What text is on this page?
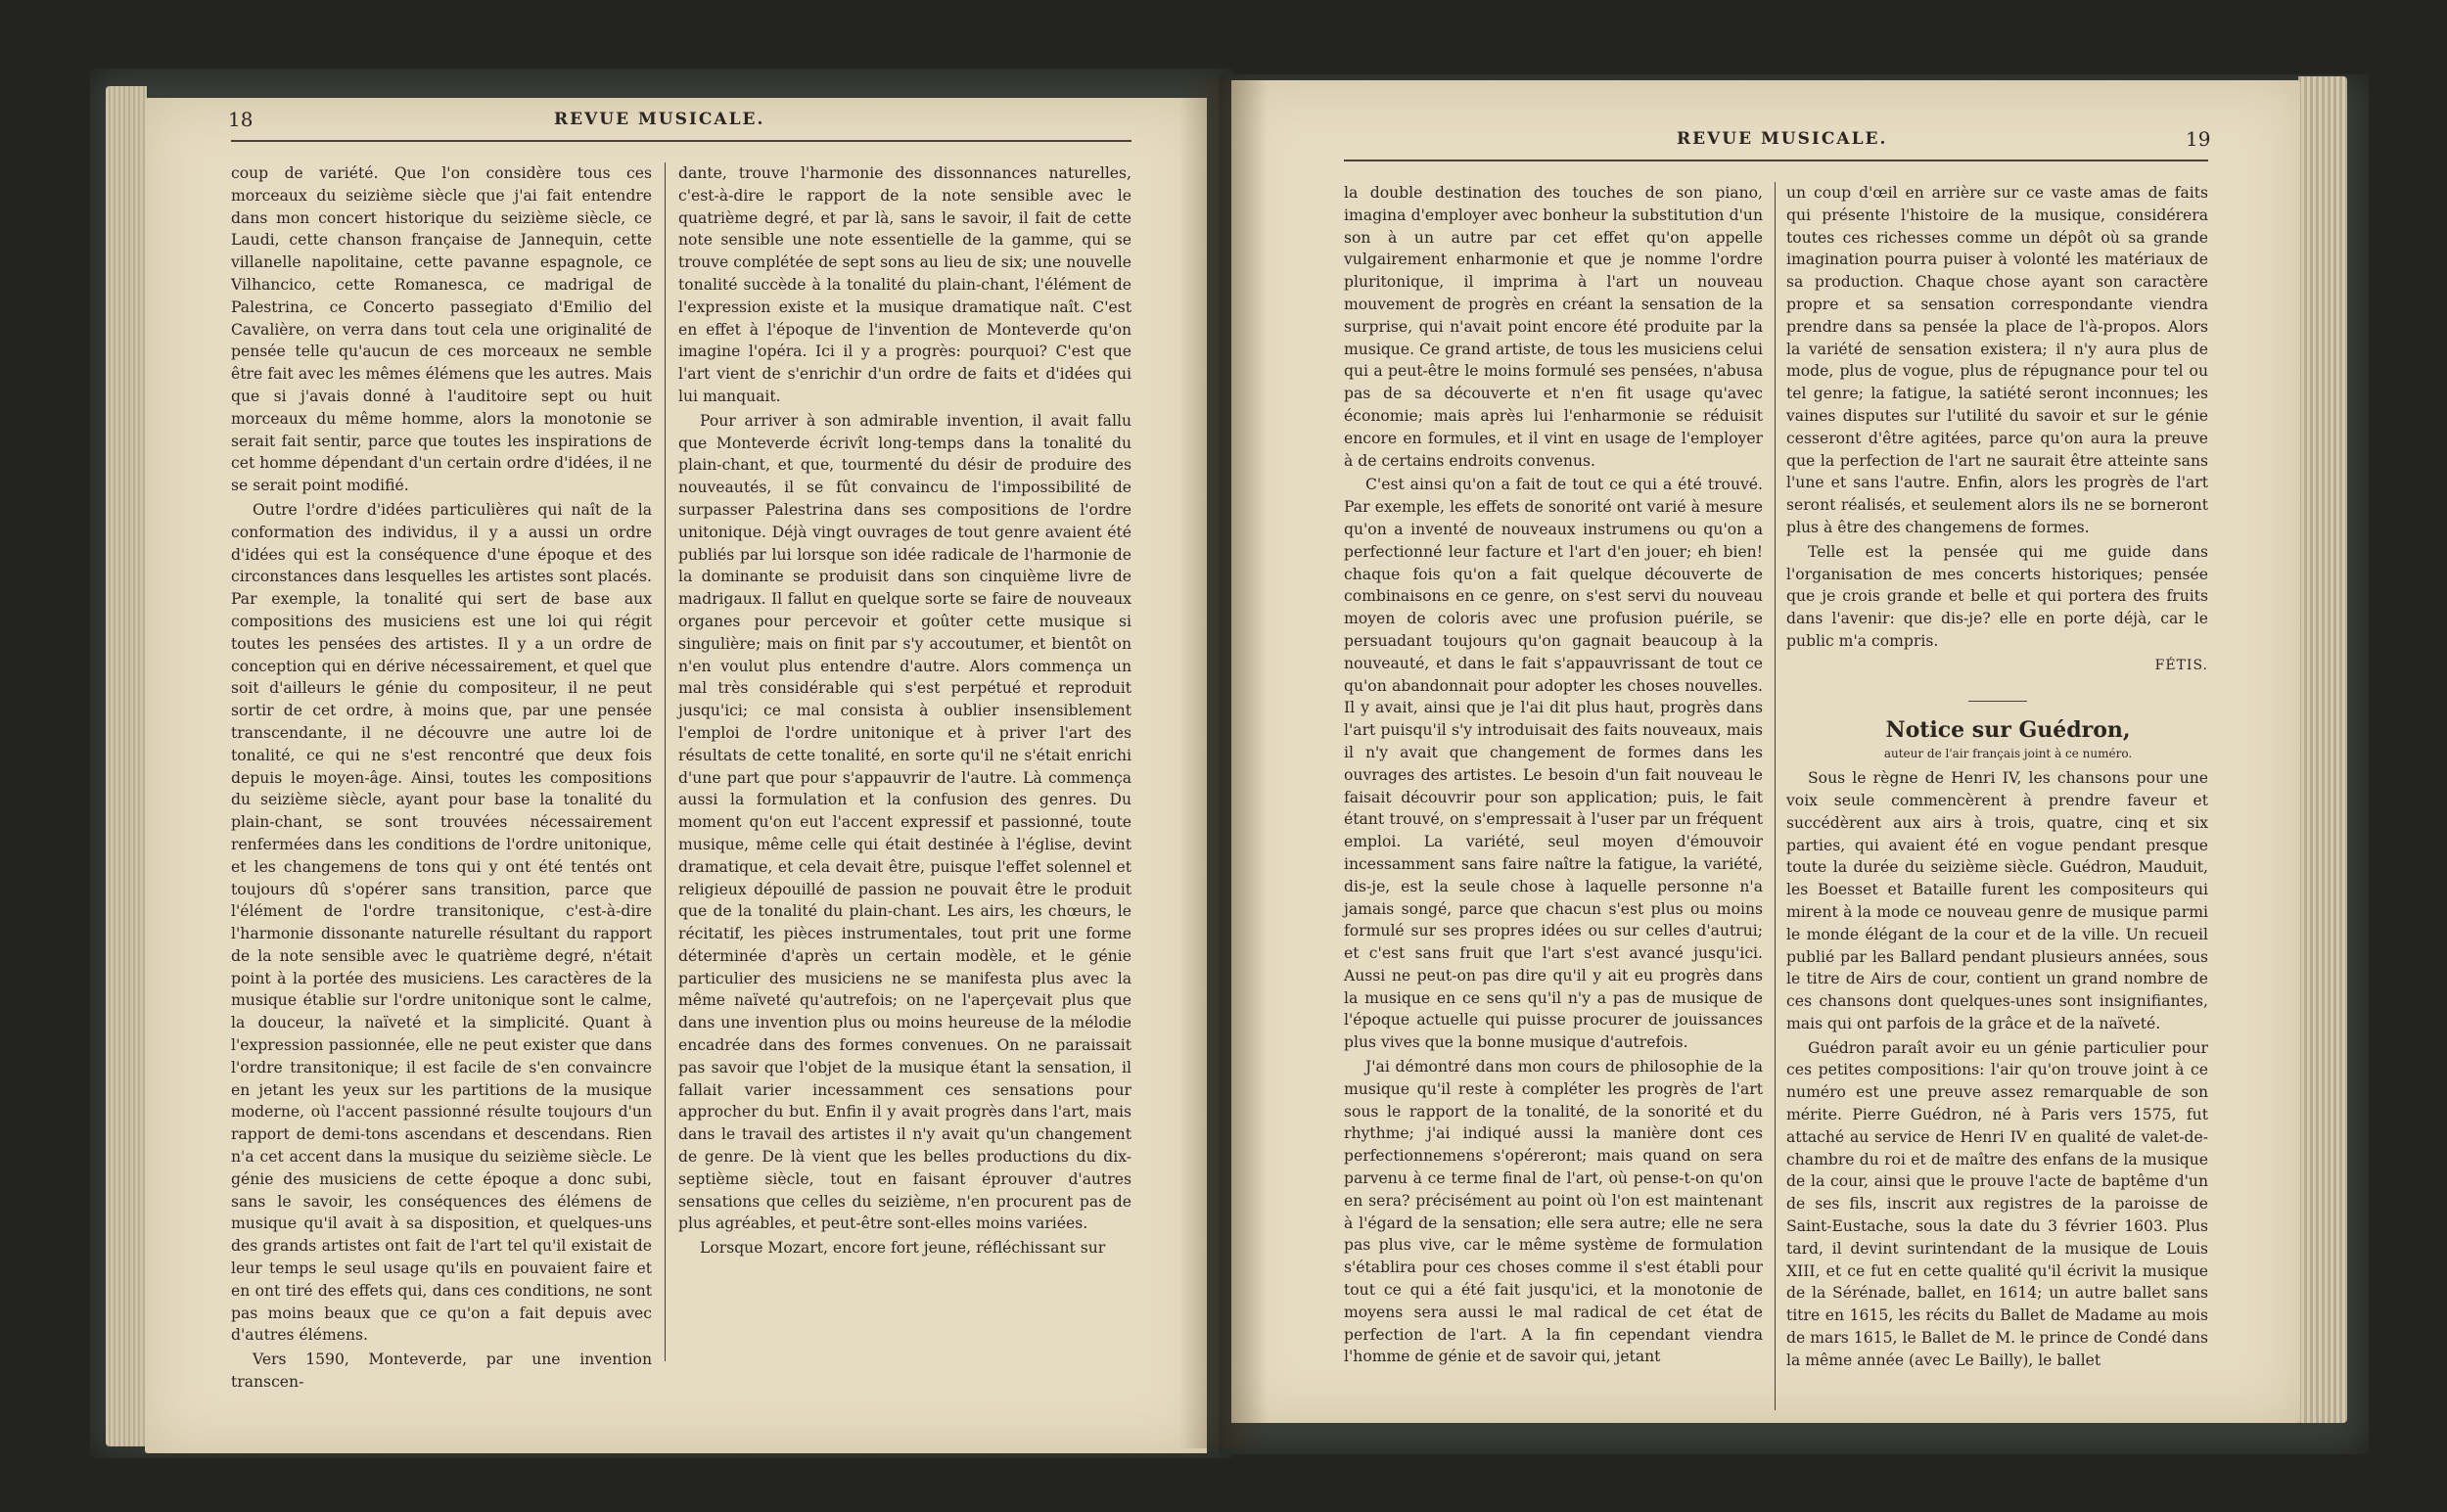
18	REVUE MUSICALE.

coup de variété. Que l'on considère tous ces morceaux du seizième siècle que j'ai fait entendre dans mon concert historique du seizième siècle, ce Laudi, cette chanson française de Jannequin, cette villanelle napolitaine, cette pavanne espagnole, ce Vilhancico, cette Romanesca, ce madrigal de Palestrina, ce Concerto passegiato d'Emilio del Cavalière, on verra dans tout cela une originalité de pensée telle qu'aucun de ces morceaux ne semble être fait avec les mêmes élémens que les autres. Mais que si j'avais donné à l'auditoire sept ou huit morceaux du même homme, alors la monotonie se serait fait sentir, parce que toutes les inspirations de cet homme dépendant d'un certain ordre d'idées, il ne se serait point modifié.

Outre l'ordre d'idées particulières qui naît de la conformation des individus, il y a aussi un ordre d'idées qui est la conséquence d'une époque et des circonstances dans lesquelles les artistes sont placés. Par exemple, la tonalité qui sert de base aux compositions des musiciens est une loi qui régit toutes les pensées des artistes. Il y a un ordre de conception qui en dérive nécessairement, et quel que soit d'ailleurs le génie du compositeur, il ne peut sortir de cet ordre, à moins que, par une pensée transcendante, il ne découvre une autre loi de tonalité, ce qui ne s'est rencontré que deux fois depuis le moyen-âge. Ainsi, toutes les compositions du seizième siècle, ayant pour base la tonalité du plain-chant, se sont trouvées nécessairement renfermées dans les conditions de l'ordre unitonique, et les changemens de tons qui y ont été tentés ont toujours dû s'opérer sans transition, parce que l'élément de l'ordre transitonique, c'est-à-dire l'harmonie dissonante naturelle résultant du rapport de la note sensible avec le quatrième degré, n'était point à la portée des musiciens. Les caractères de la musique établie sur l'ordre unitonique sont le calme, la douceur, la naïveté et la simplicité. Quant à l'expression passionnée, elle ne peut exister que dans l'ordre transitonique; il est facile de s'en convaincre en jetant les yeux sur les partitions de la musique moderne, où l'accent passionné résulte toujours d'un rapport de demi-tons ascendans et descendans. Rien n'a cet accent dans la musique du seizième siècle. Le génie des musiciens de cette époque a donc subi, sans le savoir, les conséquences des élémens de musique qu'il avait à sa disposition, et quelques-uns des grands artistes ont fait de l'art tel qu'il existait de leur temps le seul usage qu'ils en pouvaient faire et en ont tiré des effets qui, dans ces conditions, ne sont pas moins beaux que ce qu'on a fait depuis avec d'autres élémens.

Vers 1590, Monteverde, par une invention transcen-

dante, trouve l'harmonie des dissonnances naturelles, c'est-à-dire le rapport de la note sensible avec le quatrième degré, et par là, sans le savoir, il fait de cette note sensible une note essentielle de la gamme, qui se trouve complétée de sept sons au lieu de six; une nouvelle tonalité succède à la tonalité du plain-chant, l'élément de l'expression existe et la musique dramatique naît. C'est en effet à l'époque de l'invention de Monteverde qu'on imagine l'opéra. Ici il y a progrès: pourquoi? C'est que l'art vient de s'enrichir d'un ordre de faits et d'idées qui lui manquait.

Pour arriver à son admirable invention, il avait fallu que Monteverde écrivît long-temps dans la tonalité du plain-chant, et que, tourmenté du désir de produire des nouveautés, il se fût convaincu de l'impossibilité de surpasser Palestrina dans ses compositions de l'ordre unitonique. Déjà vingt ouvrages de tout genre avaient été publiés par lui lorsque son idée radicale de l'harmonie de la dominante se produisit dans son cinquième livre de madrigaux. Il fallut en quelque sorte se faire de nouveaux organes pour percevoir et goûter cette musique si singulière; mais on finit par s'y accoutumer, et bientôt on n'en voulut plus entendre d'autre. Alors commença un mal très considérable qui s'est perpétué et reproduit jusqu'ici; ce mal consista à oublier insensiblement l'emploi de l'ordre unitonique et à priver l'art des résultats de cette tonalité, en sorte qu'il ne s'était enrichi d'une part que pour s'appauvrir de l'autre. Là commença aussi la formulation et la confusion des genres. Du moment qu'on eut l'accent expressif et passionné, toute musique, même celle qui était destinée à l'église, devint dramatique, et cela devait être, puisque l'effet solennel et religieux dépouillé de passion ne pouvait être le produit que de la tonalité du plain-chant. Les airs, les chœurs, le récitatif, les pièces instrumentales, tout prit une forme déterminée d'après un certain modèle, et le génie particulier des musiciens ne se manifesta plus avec la même naïveté qu'autrefois; on ne l'aperçevait plus que dans une invention plus ou moins heureuse de la mélodie encadrée dans des formes convenues. On ne paraissait pas savoir que l'objet de la musique étant la sensation, il fallait varier incessamment ces sensations pour approcher du but. Enfin il y avait progrès dans l'art, mais dans le travail des artistes il n'y avait qu'un changement de genre. De là vient que les belles productions du dix-septième siècle, tout en faisant éprouver d'autres sensations que celles du seizième, n'en procurent pas de plus agréables, et peut-être sont-elles moins variées.

Lorsque Mozart, encore fort jeune, réfléchissant sur

REVUE MUSICALE.	19

la double destination des touches de son piano, imagina d'employer avec bonheur la substitution d'un son à un autre par cet effet qu'on appelle vulgairement enharmonie et que je nomme l'ordre pluritonique, il imprima à l'art un nouveau mouvement de progrès en créant la sensation de la surprise, qui n'avait point encore été produite par la musique. Ce grand artiste, de tous les musiciens celui qui a peut-être le moins formulé ses pensées, n'abusa pas de sa découverte et n'en fit usage qu'avec économie; mais après lui l'enharmonie se réduisit encore en formules, et il vint en usage de l'employer à de certains endroits convenus.

C'est ainsi qu'on a fait de tout ce qui a été trouvé. Par exemple, les effets de sonorité ont varié à mesure qu'on a inventé de nouveaux instrumens ou qu'on a perfectionné leur facture et l'art d'en jouer; eh bien! chaque fois qu'on a fait quelque découverte de combinaisons en ce genre, on s'est servi du nouveau moyen de coloris avec une profusion puérile, se persuadant toujours qu'on gagnait beaucoup à la nouveauté, et dans le fait s'appauvrissant de tout ce qu'on abandonnait pour adopter les choses nouvelles. Il y avait, ainsi que je l'ai dit plus haut, progrès dans l'art puisqu'il s'y introduisait des faits nouveaux, mais il n'y avait que changement de formes dans les ouvrages des artistes. Le besoin d'un fait nouveau le faisait découvrir pour son application; puis, le fait étant trouvé, on s'empressait à l'user par un fréquent emploi. La variété, seul moyen d'émouvoir incessamment sans faire naître la fatigue, la variété, dis-je, est la seule chose à laquelle personne n'a jamais songé, parce que chacun s'est plus ou moins formulé sur ses propres idées ou sur celles d'autrui; et c'est sans fruit que l'art s'est avancé jusqu'ici. Aussi ne peut-on pas dire qu'il y ait eu progrès dans la musique en ce sens qu'il n'y a pas de musique de l'époque actuelle qui puisse procurer de jouissances plus vives que la bonne musique d'autrefois.

J'ai démontré dans mon cours de philosophie de la musique qu'il reste à compléter les progrès de l'art sous le rapport de la tonalité, de la sonorité et du rhythme; j'ai indiqué aussi la manière dont ces perfectionnemens s'opéreront; mais quand on sera parvenu à ce terme final de l'art, où pense-t-on qu'on en sera? précisément au point où l'on est maintenant à l'égard de la sensation; elle sera autre; elle ne sera pas plus vive, car le même système de formulation s'établira pour ces choses comme il s'est établi pour tout ce qui a été fait jusqu'ici, et la monotonie de moyens sera aussi le mal radical de cet état de perfection de l'art. A la fin cependant viendra l'homme de génie et de savoir qui, jetant

un coup d'œil en arrière sur ce vaste amas de faits qui présente l'histoire de la musique, considérera toutes ces richesses comme un dépôt où sa grande imagination pourra puiser à volonté les matériaux de sa production. Chaque chose ayant son caractère propre et sa sensation correspondante viendra prendre dans sa pensée la place de l'à-propos. Alors la variété de sensation existera; il n'y aura plus de mode, plus de vogue, plus de répugnance pour tel ou tel genre; la fatigue, la satiété seront inconnues; les vaines disputes sur l'utilité du savoir et sur le génie cesseront d'être agitées, parce qu'on aura la preuve que la perfection de l'art ne saurait être atteinte sans l'une et sans l'autre. Enfin, alors les progrès de l'art seront réalisés, et seulement alors ils ne se borneront plus à être des changemens de formes.

Telle est la pensée qui me guide dans l'organisation de mes concerts historiques; pensée que je crois grande et belle et qui portera des fruits dans l'avenir: que dis-je? elle en porte déjà, car le public m'a compris.

FÉTIS.

Notice sur Guédron,

auteur de l'air français joint à ce numéro.

Sous le règne de Henri IV, les chansons pour une voix seule commencèrent à prendre faveur et succédèrent aux airs à trois, quatre, cinq et six parties, qui avaient été en vogue pendant presque toute la durée du seizième siècle. Guédron, Mauduit, les Boesset et Bataille furent les compositeurs qui mirent à la mode ce nouveau genre de musique parmi le monde élégant de la cour et de la ville. Un recueil publié par les Ballard pendant plusieurs années, sous le titre de Airs de cour, contient un grand nombre de ces chansons dont quelques-unes sont insignifiantes, mais qui ont parfois de la grâce et de la naïveté.

Guédron paraît avoir eu un génie particulier pour ces petites compositions: l'air qu'on trouve joint à ce numéro est une preuve assez remarquable de son mérite. Pierre Guédron, né à Paris vers 1575, fut attaché au service de Henri IV en qualité de valet-de-chambre du roi et de maître des enfans de la musique de la cour, ainsi que le prouve l'acte de baptême d'un de ses fils, inscrit aux registres de la paroisse de Saint-Eustache, sous la date du 3 février 1603. Plus tard, il devint surintendant de la musique de Louis XIII, et ce fut en cette qualité qu'il écrivit la musique de la Sérénade, ballet, en 1614; un autre ballet sans titre en 1615, les récits du Ballet de Madame au mois de mars 1615, le Ballet de M. le prince de Condé dans la même année (avec Le Bailly), le ballet
